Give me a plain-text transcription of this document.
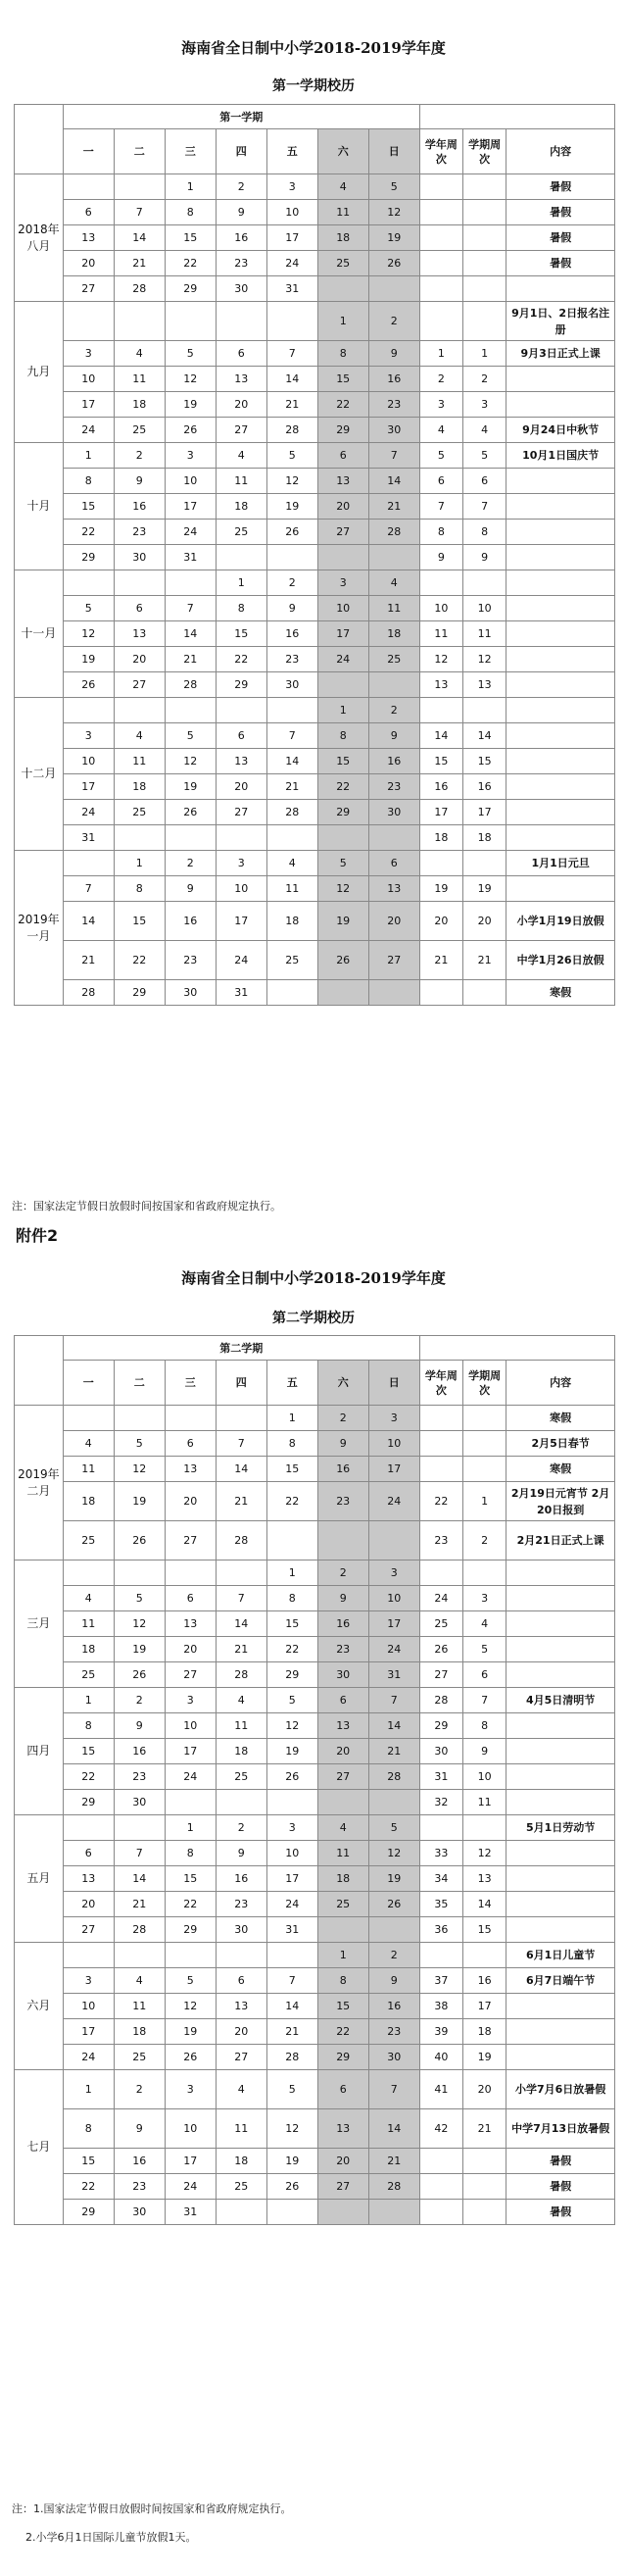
海南省全日制中小学2018-2019学年度
第一学期校历
	第一学期									
	一	二	三	四	五	六	日	学年周次	学期周次	内容
2018年八月			1	2	3	4	5			暑假
	6	7	8	9	10	11	12			暑假
	13	14	15	16	17	18	19			暑假
	20	21	22	23	24	25	26			暑假
	27	28	29	30	31					
九月						1	2			9月1日、2日报名注册
	3	4	5	6	7	8	9	1	1	9月3日正式上课
	10	11	12	13	14	15	16	2	2	
	17	18	19	20	21	22	23	3	3	
	24	25	26	27	28	29	30	4	4	9月24日中秋节
十月	1	2	3	4	5	6	7	5	5	10月1日国庆节
	8	9	10	11	12	13	14	6	6	
	15	16	17	18	19	20	21	7	7	
	22	23	24	25	26	27	28	8	8	
	29	30	31					9	9	
十一月				1	2	3	4			
	5	6	7	8	9	10	11	10	10	
	12	13	14	15	16	17	18	11	11	
	19	20	21	22	23	24	25	12	12	
	26	27	28	29	30			13	13	
十二月						1	2			
	3	4	5	6	7	8	9	14	14	
	10	11	12	13	14	15	16	15	15	
	17	18	19	20	21	22	23	16	16	
	24	25	26	27	28	29	30	17	17	
	31							18	18	
2019年一月		1	2	3	4	5	6			1月1日元旦
	7	8	9	10	11	12	13	19	19	
	14	15	16	17	18	19	20	20	20	小学1月19日放假
	21	22	23	24	25	26	27	21	21	中学1月26日放假
	28	29	30	31						寒假
注：国家法定节假日放假时间按国家和省政府规定执行。
附件2
海南省全日制中小学2018-2019学年度
第二学期校历
	第二学期									
	一	二	三	四	五	六	日	学年周次	学期周次	内容
2019年二月					1	2	3			寒假
	4	5	6	7	8	9	10			2月5日春节
	11	12	13	14	15	16	17			寒假
	18	19	20	21	22	23	24	22	1	2月19日元宵节 2月20日报到
	25	26	27	28				23	2	2月21日正式上课
三月					1	2	3			
	4	5	6	7	8	9	10	24	3	
	11	12	13	14	15	16	17	25	4	
	18	19	20	21	22	23	24	26	5	
	25	26	27	28	29	30	31	27	6	
四月	1	2	3	4	5	6	7	28	7	4月5日清明节
	8	9	10	11	12	13	14	29	8	
	15	16	17	18	19	20	21	30	9	
	22	23	24	25	26	27	28	31	10	
	29	30						32	11	
五月			1	2	3	4	5			5月1日劳动节
	6	7	8	9	10	11	12	33	12	
	13	14	15	16	17	18	19	34	13	
	20	21	22	23	24	25	26	35	14	
	27	28	29	30	31			36	15	
六月						1	2			6月1日儿童节
	3	4	5	6	7	8	9	37	16	6月7日端午节
	10	11	12	13	14	15	16	38	17	
	17	18	19	20	21	22	23	39	18	
	24	25	26	27	28	29	30	40	19	
七月	1	2	3	4	5	6	7	41	20	小学7月6日放暑假
	8	9	10	11	12	13	14	42	21	中学7月13日放暑假
	15	16	17	18	19	20	21			暑假
	22	23	24	25	26	27	28			暑假
	29	30	31							暑假
注：1.国家法定节假日放假时间按国家和省政府规定执行。
2.小学6月1日国际儿童节放假1天。
